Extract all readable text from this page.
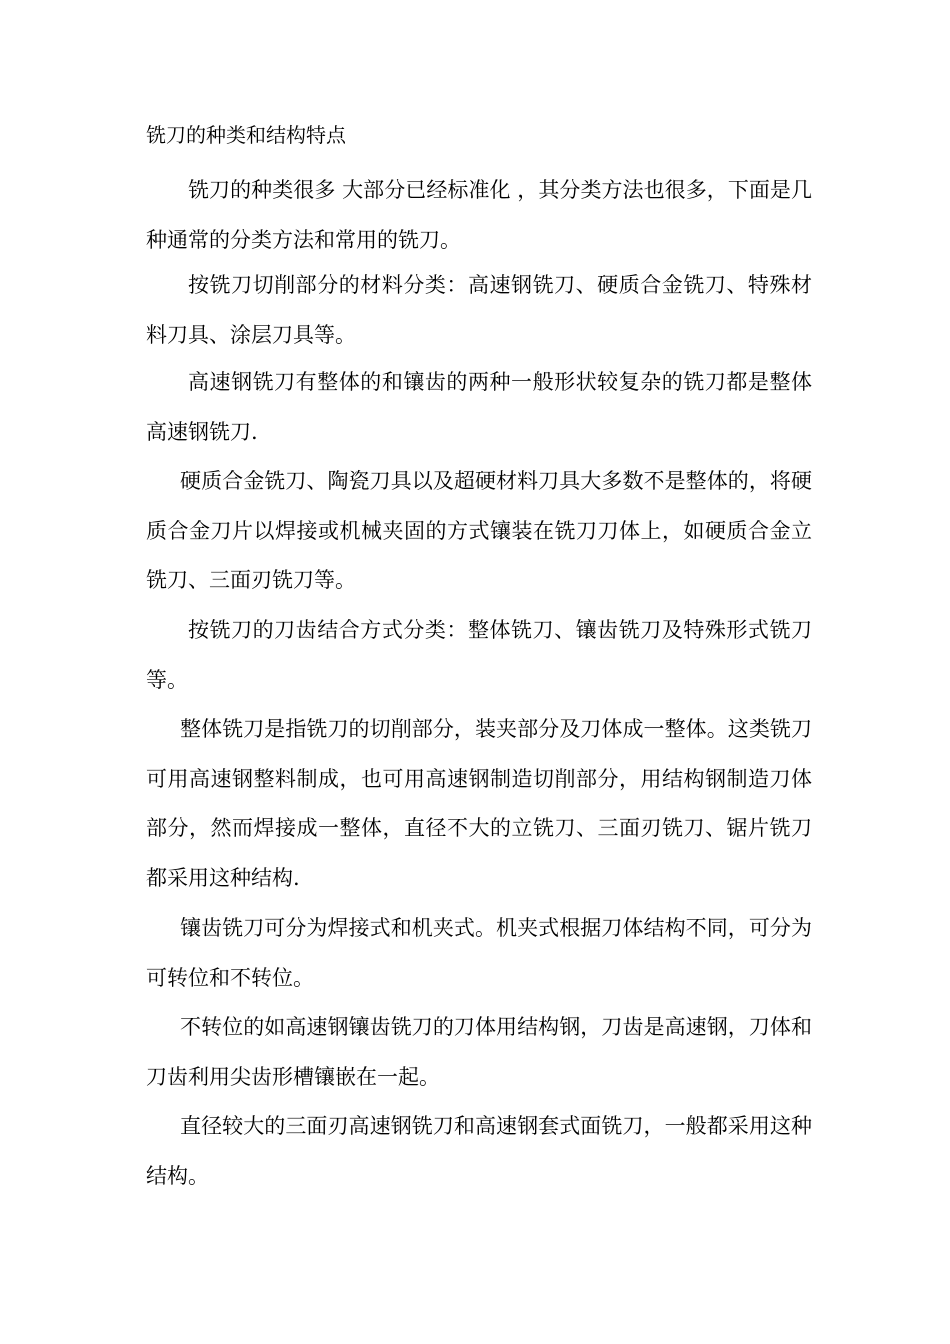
铣刀的种类和结构特点

铣刀的种类很多 大部分已经标准化 ，其分类方法也很多，下面是几种通常的分类方法和常用的铣刀。

按铣刀切削部分的材料分类：高速钢铣刀、硬质合金铣刀、特殊材料刀具、涂层刀具等。

高速钢铣刀有整体的和镶齿的两种一般形状较复杂的铣刀都是整体高速钢铣刀.

硬质合金铣刀、陶瓷刀具以及超硬材料刀具大多数不是整体的，将硬质合金刀片以焊接或机械夹固的方式镶装在铣刀刀体上，如硬质合金立铣刀、三面刃铣刀等。

按铣刀的刀齿结合方式分类：整体铣刀、镶齿铣刀及特殊形式铣刀等。

整体铣刀是指铣刀的切削部分，装夹部分及刀体成一整体。这类铣刀可用高速钢整料制成，也可用高速钢制造切削部分，用结构钢制造刀体部分，然而焊接成一整体，直径不大的立铣刀、三面刃铣刀、锯片铣刀都采用这种结构.

镶齿铣刀可分为焊接式和机夹式。机夹式根据刀体结构不同，可分为可转位和不转位。

不转位的如高速钢镶齿铣刀的刀体用结构钢，刀齿是高速钢，刀体和刀齿利用尖齿形槽镶嵌在一起。

直径较大的三面刃高速钢铣刀和高速钢套式面铣刀，一般都采用这种结构。
